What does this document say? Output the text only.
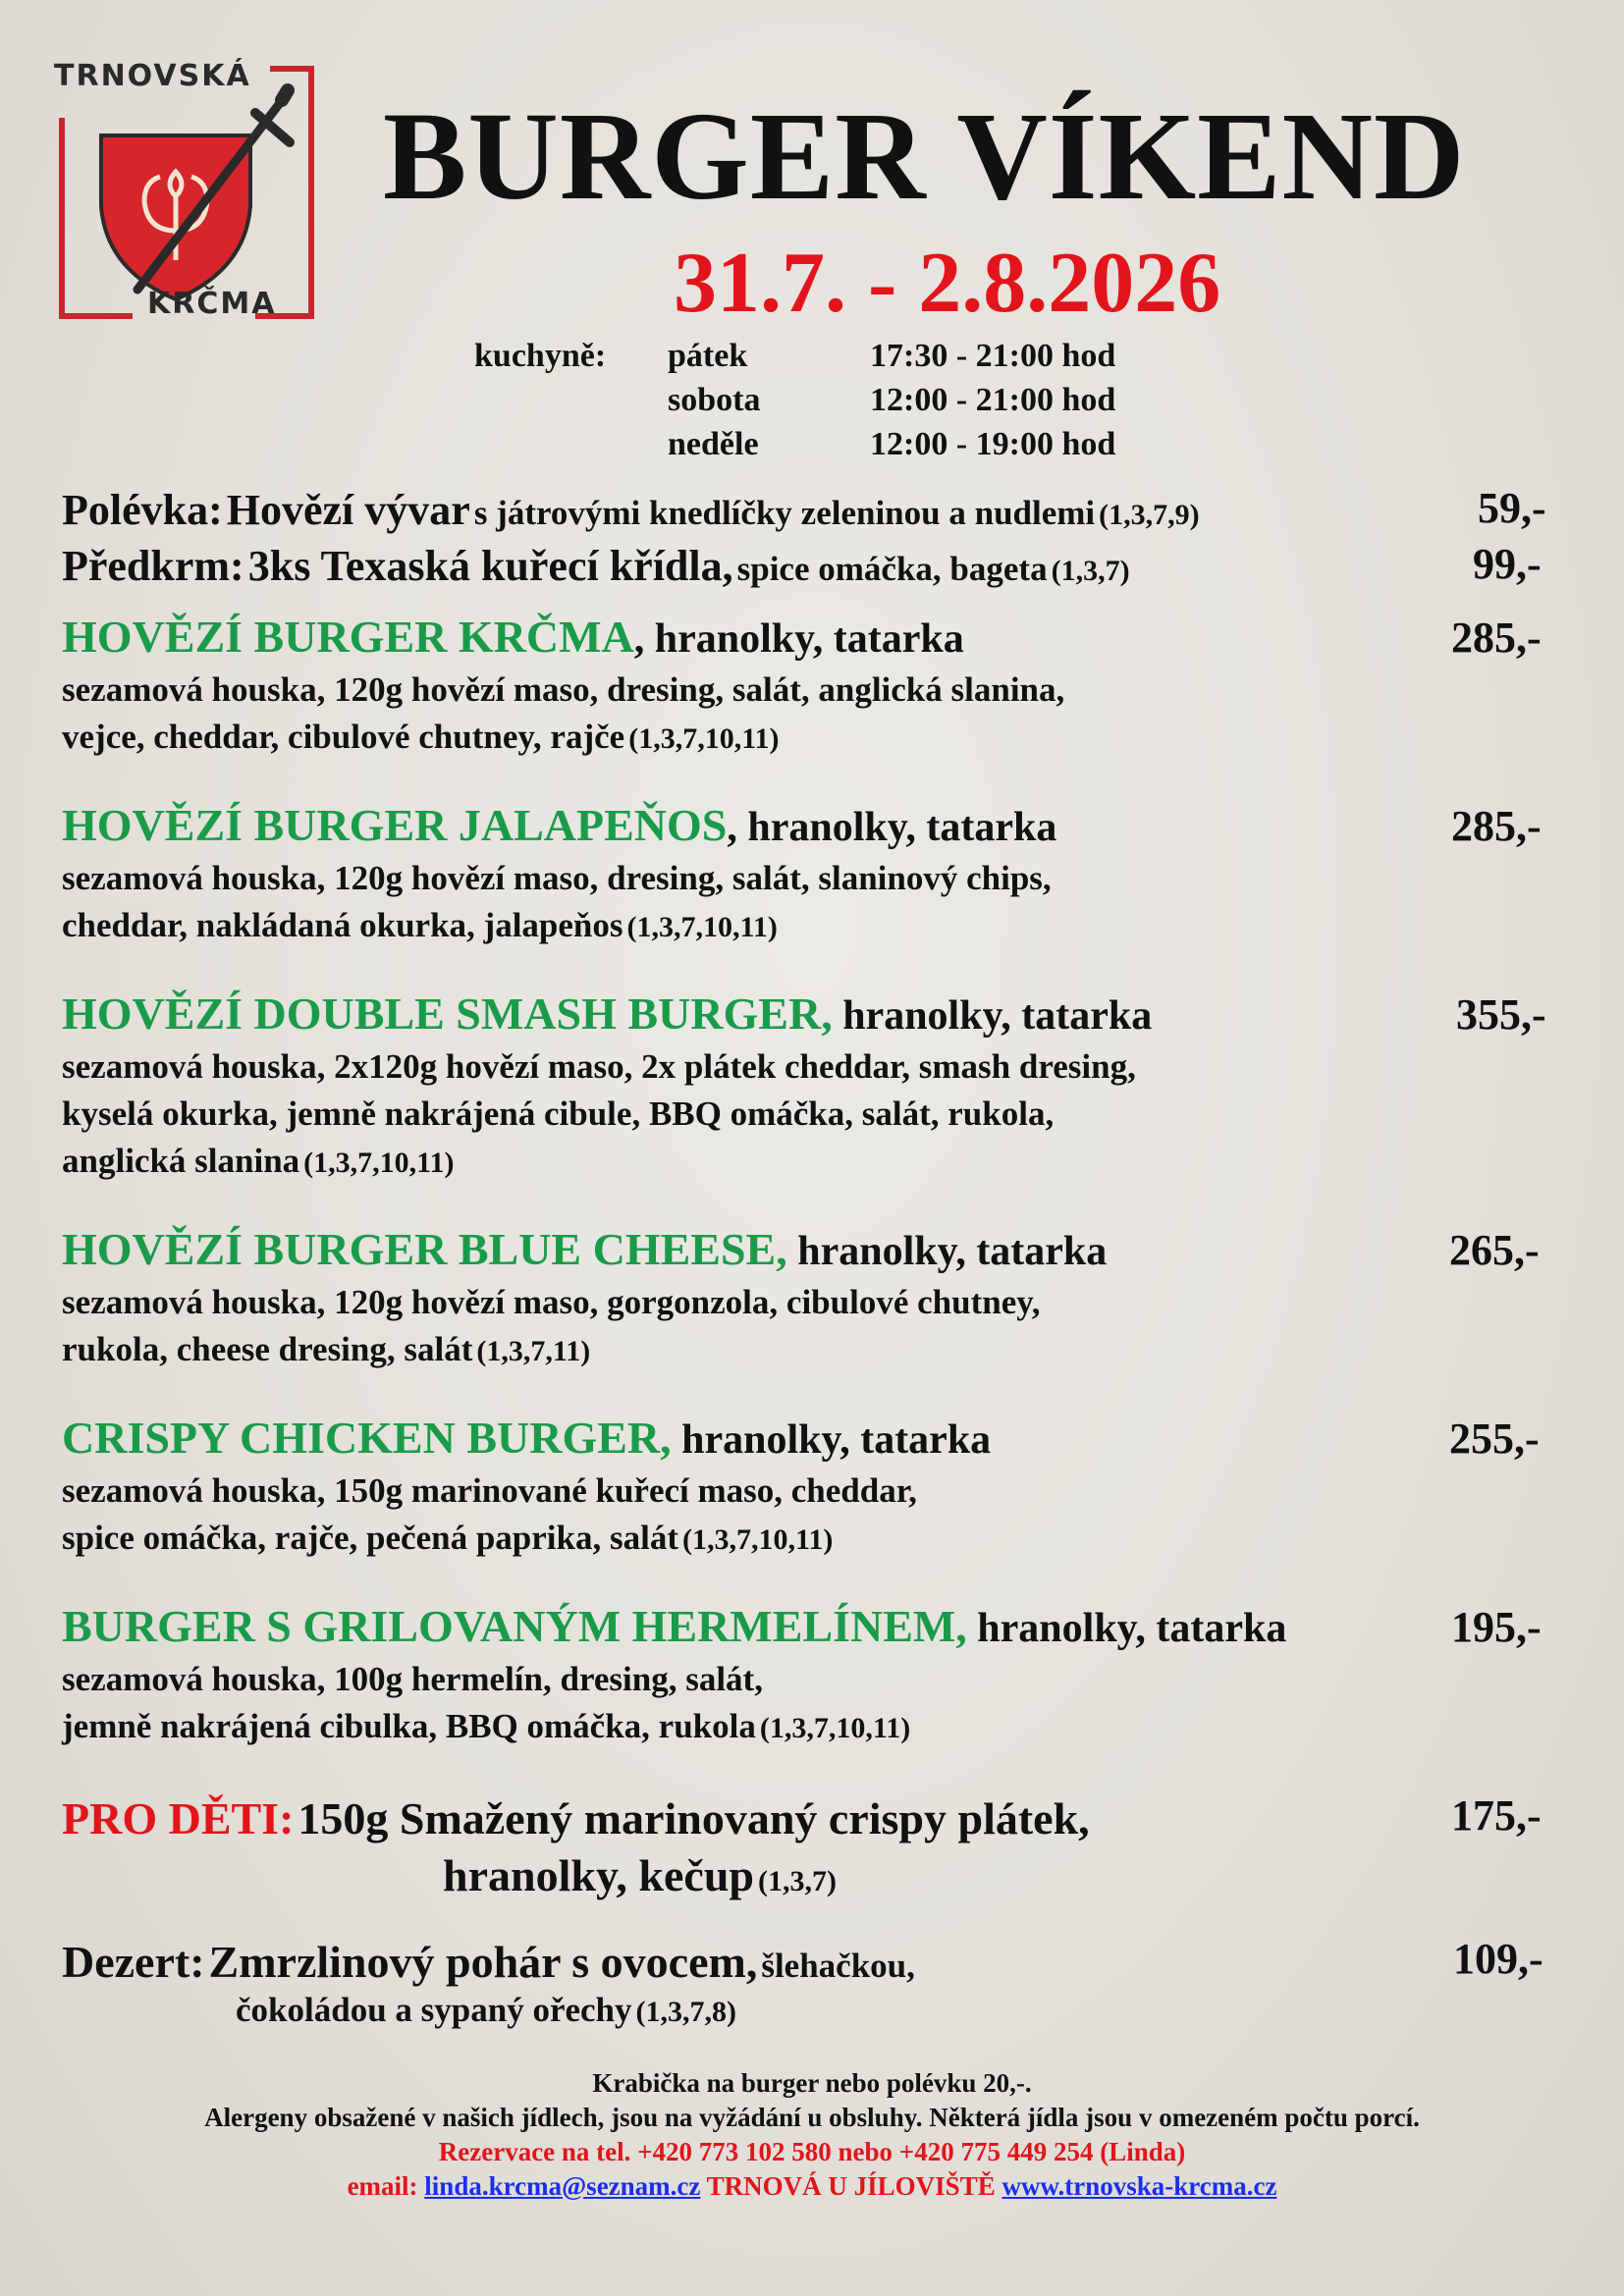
TRNOVSKÁ
KRČMA
BURGER VÍKEND
31.7. - 2.8.2026
kuchyně: pátek	17:30 - 21:00 hod
sobota	12:00 - 21:00 hod
neděle	12:00 - 19:00 hod
Polévka: Hovězí vývar s játrovými knedlíčky zeleninou a nudlemi (1,3,7,9)	59,-
Předkrm: 3ks Texaská kuřecí křídla, spice omáčka, bageta (1,3,7)	99,-
HOVĚZÍ BURGER KRČMA, hranolky, tatarka	285,-
sezamová houska, 120g hovězí maso, dresing, salát, anglická slanina,
vejce, cheddar, cibulové chutney, rajče (1,3,7,10,11)
HOVĚZÍ BURGER JALAPEŇOS, hranolky, tatarka	285,-
sezamová houska, 120g hovězí maso, dresing, salát, slaninový chips,
cheddar, nakládaná okurka, jalapeňos (1,3,7,10,11)
HOVĚZÍ DOUBLE SMASH BURGER, hranolky, tatarka	355,-
sezamová houska, 2x120g hovězí maso, 2x plátek cheddar, smash dresing,
kyselá okurka, jemně nakrájená cibule, BBQ omáčka, salát, rukola,
anglická slanina (1,3,7,10,11)
HOVĚZÍ BURGER BLUE CHEESE, hranolky, tatarka	265,-
sezamová houska, 120g hovězí maso, gorgonzola, cibulové chutney,
rukola, cheese dresing, salát (1,3,7,11)
CRISPY CHICKEN BURGER, hranolky, tatarka	255,-
sezamová houska, 150g marinované kuřecí maso, cheddar,
spice omáčka, rajče, pečená paprika, salát (1,3,7,10,11)
BURGER S GRILOVANÝM HERMELÍNEM, hranolky, tatarka	195,-
sezamová houska, 100g hermelín, dresing, salát,
jemně nakrájená cibulka, BBQ omáčka, rukola (1,3,7,10,11)
PRO DĚTI: 150g Smažený marinovaný crispy plátek,	175,-
hranolky, kečup (1,3,7)
Dezert: Zmrzlinový pohár s ovocem, šlehačkou,	109,-
čokoládou a sypaný ořechy (1,3,7,8)
Krabička na burger nebo polévku 20,-.
Alergeny obsažené v našich jídlech, jsou na vyžádání u obsluhy. Některá jídla jsou v omezeném počtu porcí.
Rezervace na tel. +420 773 102 580 nebo +420 775 449 254 (Linda)
email: linda.krcma@seznam.cz TRNOVÁ U JÍLOVIŠTĚ www.trnovska-krcma.cz
